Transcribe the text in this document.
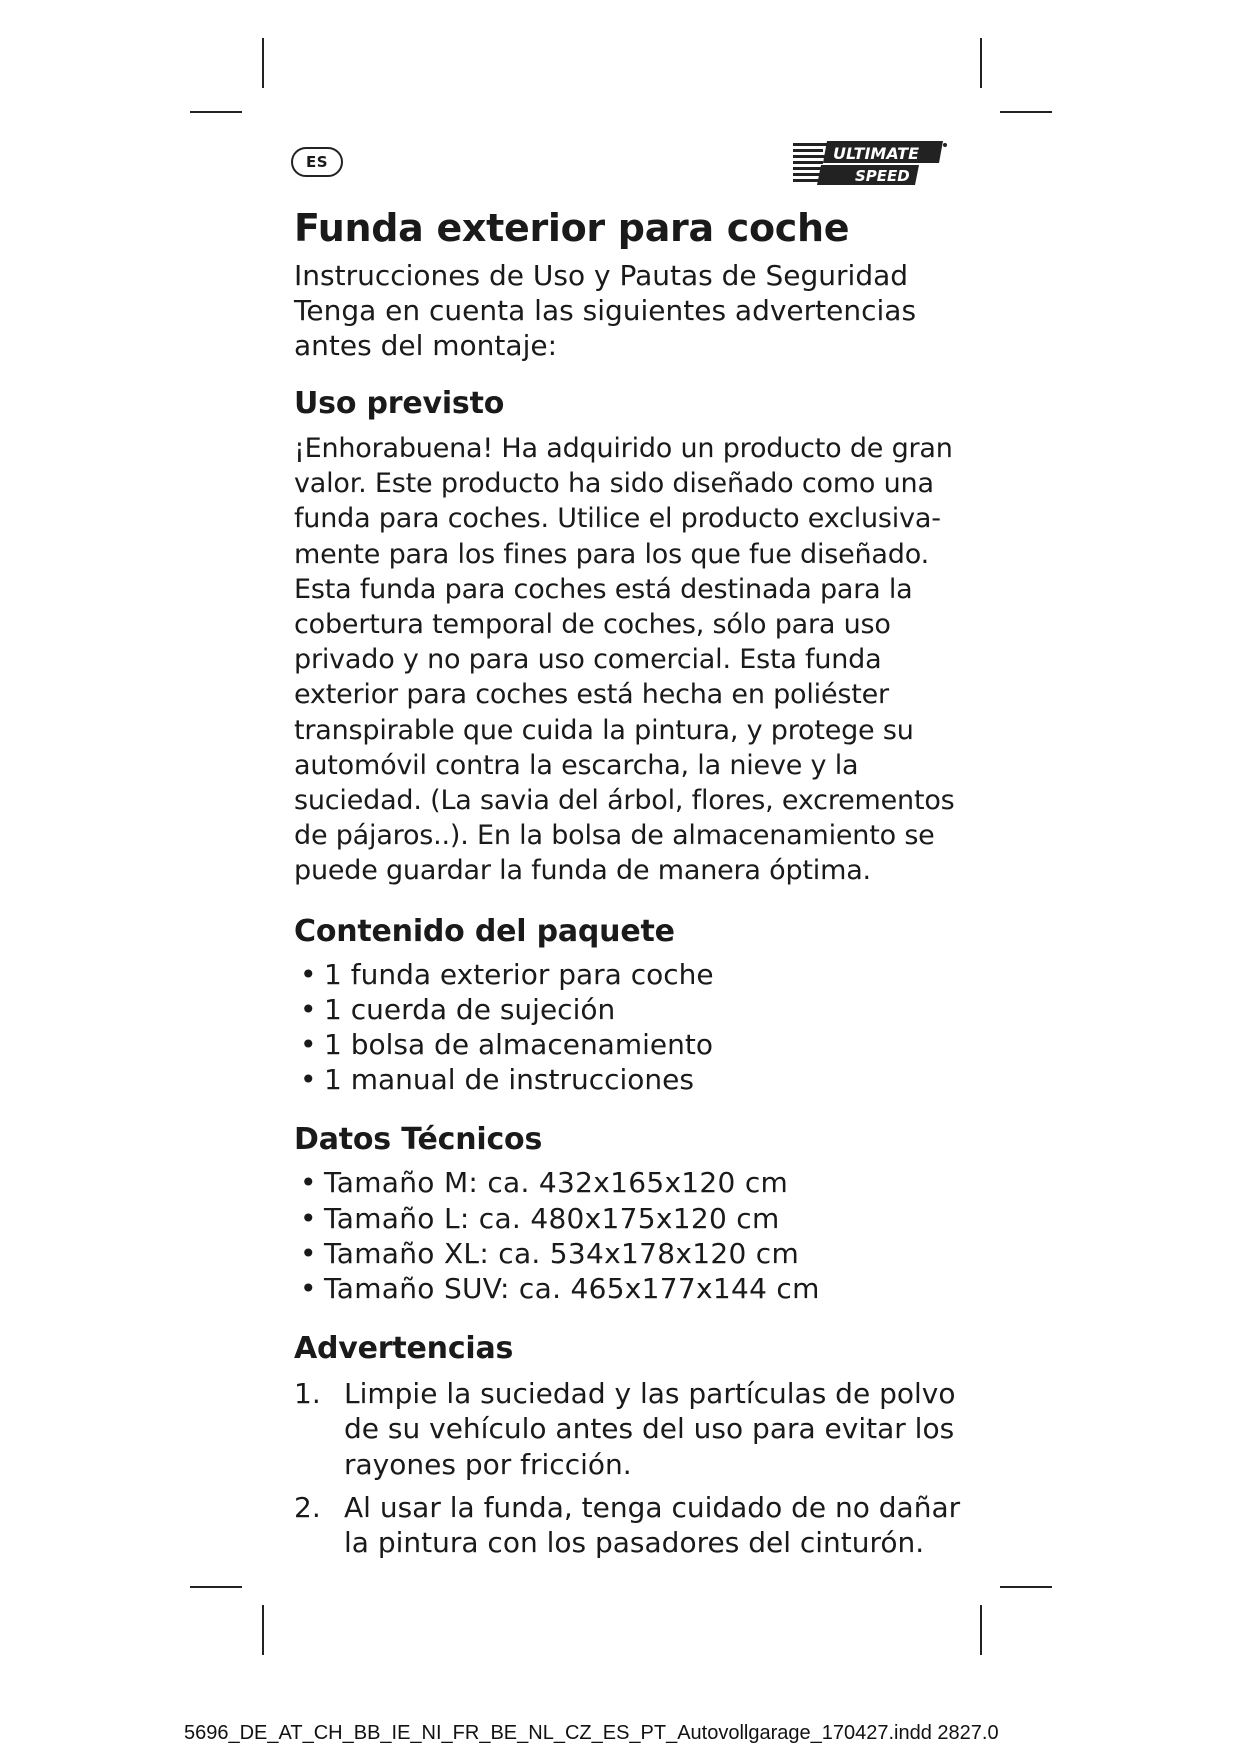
ES	ULTIMATE
SPEED
Funda exterior para coche
Instrucciones de Uso y Pautas de Seguridad
Tenga en cuenta las siguientes advertencias antes del montaje:
Uso previsto

¡Enhorabuena! Ha adquirido un producto de gran valor. Este producto ha sido diseñado como una funda para coches. Utilice el producto exclusivamente para los fines para los que fue diseñado. Esta funda para coches está destinada para la cobertura temporal de coches, sólo para uso privado y no para uso comercial. Esta funda exterior para coches está hecha en poliéster transpirable que cuida la pintura, y protege su automóvil contra la escarcha, la nieve y la suciedad. (La savia del árbol, flores, excrementos de pájaros..). En la bolsa de almacenamiento se puede guardar la funda de manera óptima.

Contenido del paquete
• 1 funda exterior para coche
• 1 cuerda de sujeción
• 1 bolsa de almacenamiento
• 1 manual de instrucciones
Datos Técnicos
• Tamaño M: ca. 432x165x120 cm
• Tamaño L: ca. 480x175x120 cm
• Tamaño XL: ca. 534x178x120 cm
• Tamaño SUV: ca. 465x177x144 cm
Advertencias
1. Limpie la suciedad y las partículas de polvo de su vehículo antes del uso para evitar los rayones por fricción.
2. Al usar la funda, tenga cuidado de no dañar la pintura con los pasadores del cinturón.
5696_DE_AT_CH_BB_IE_NI_FR_BE_NL_CZ_ES_PT_Autovollgarage_170427.indd 2827.0
